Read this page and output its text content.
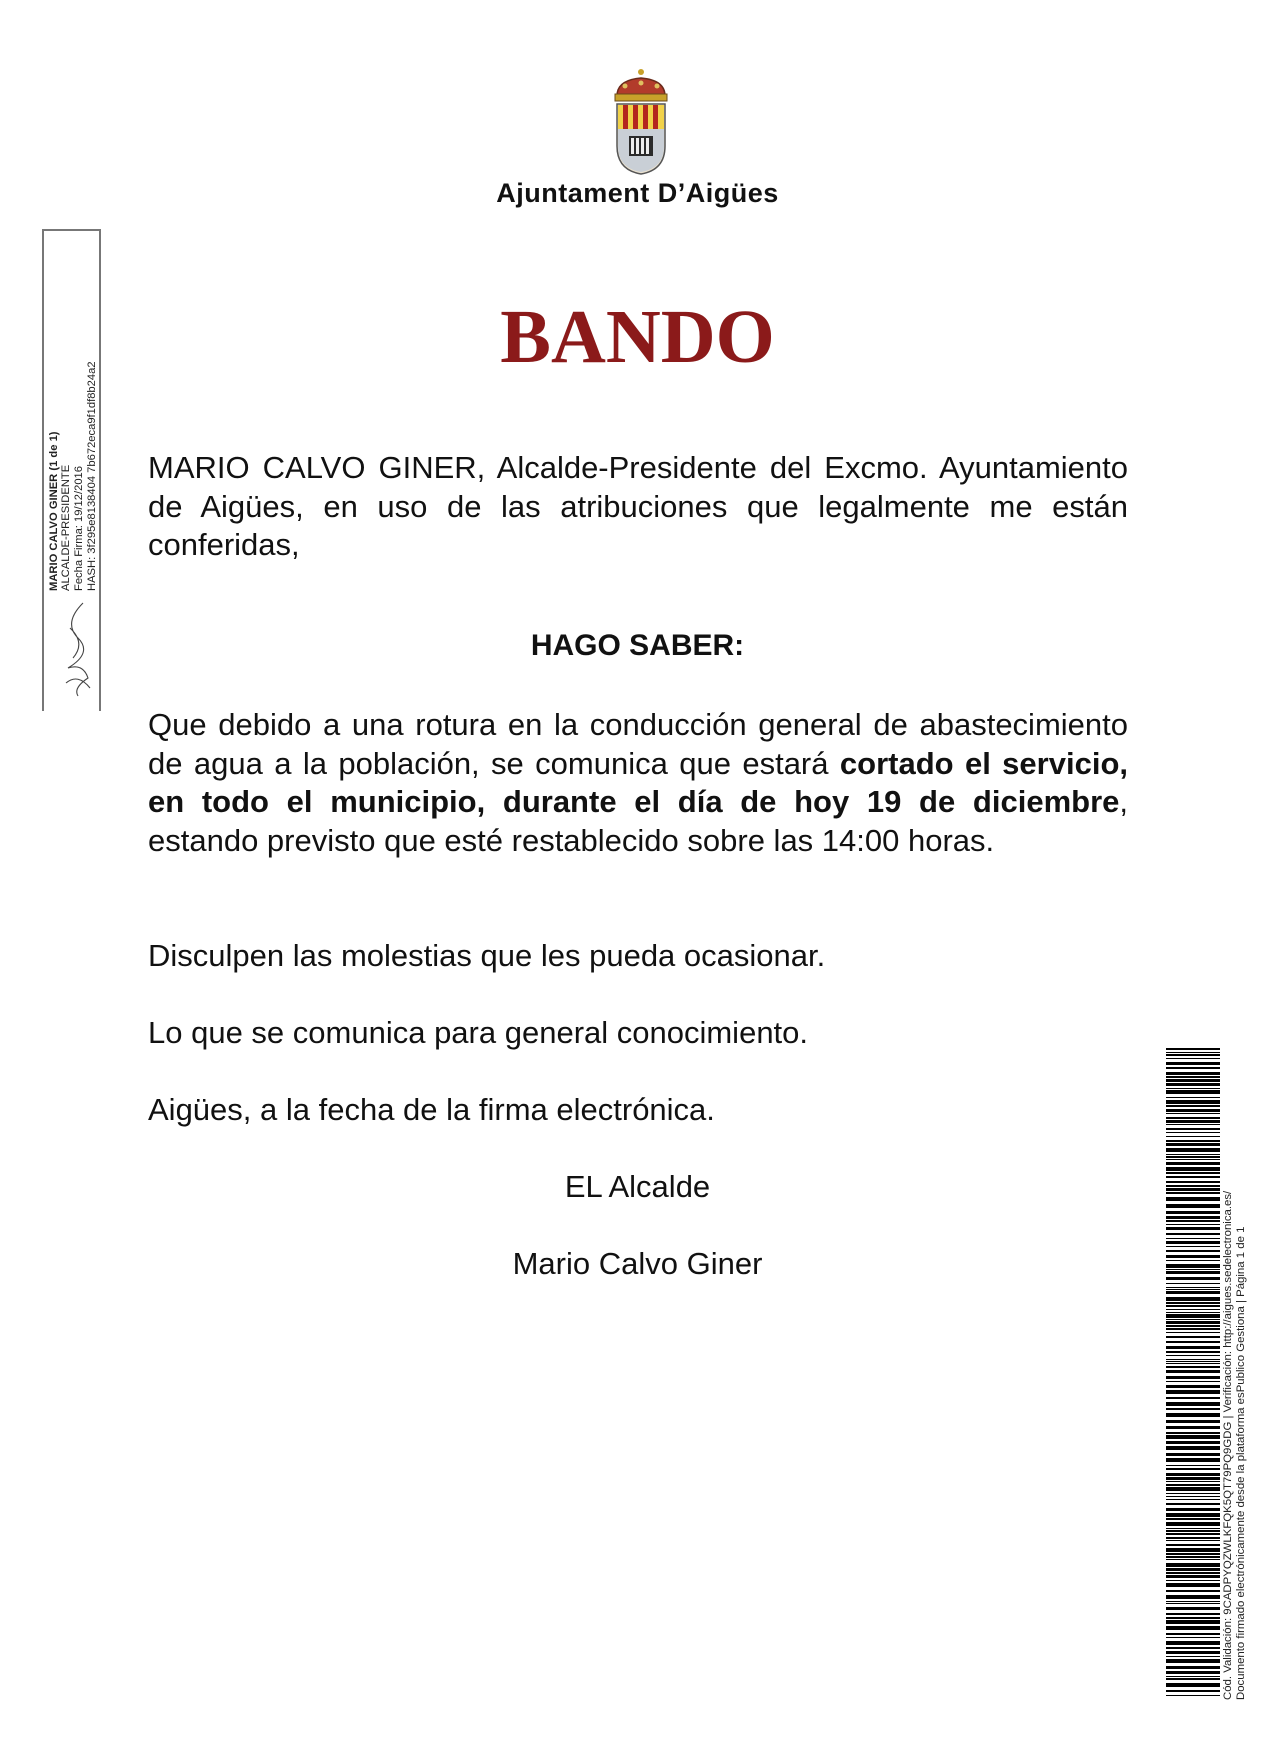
Ajuntament D’Aigües
BANDO

MARIO CALVO GINER, Alcalde-Presidente del Excmo. Ayuntamiento de Aigües, en uso de las atribuciones que legalmente me están conferidas,

HAGO SABER:

Que debido a una rotura en la conducción general de abastecimiento de agua a la población, se comunica que estará cortado el servicio, en todo el municipio, durante el día de hoy 19 de diciembre, estando previsto que esté restablecido sobre las 14:00 horas.

Disculpen las molestias que les pueda ocasionar.

Lo que se comunica para general conocimiento.

Aigües, a la fecha de la firma electrónica.

EL Alcalde

Mario Calvo Giner

MARIO CALVO GINER (1 de 1) ALCALDE-PRESIDENTE Fecha Firma: 19/12/2016 HASH: 3f295e8138404 7b672eca9f1df8b24a2
Cód. Validación: 9CADPYQZWLKFQK5QT79PQ9GDG | Verificación: http://aigues.sedelectronica.es/ Documento firmado electrónicamente desde la plataforma esPublico Gestiona | Página 1 de 1
